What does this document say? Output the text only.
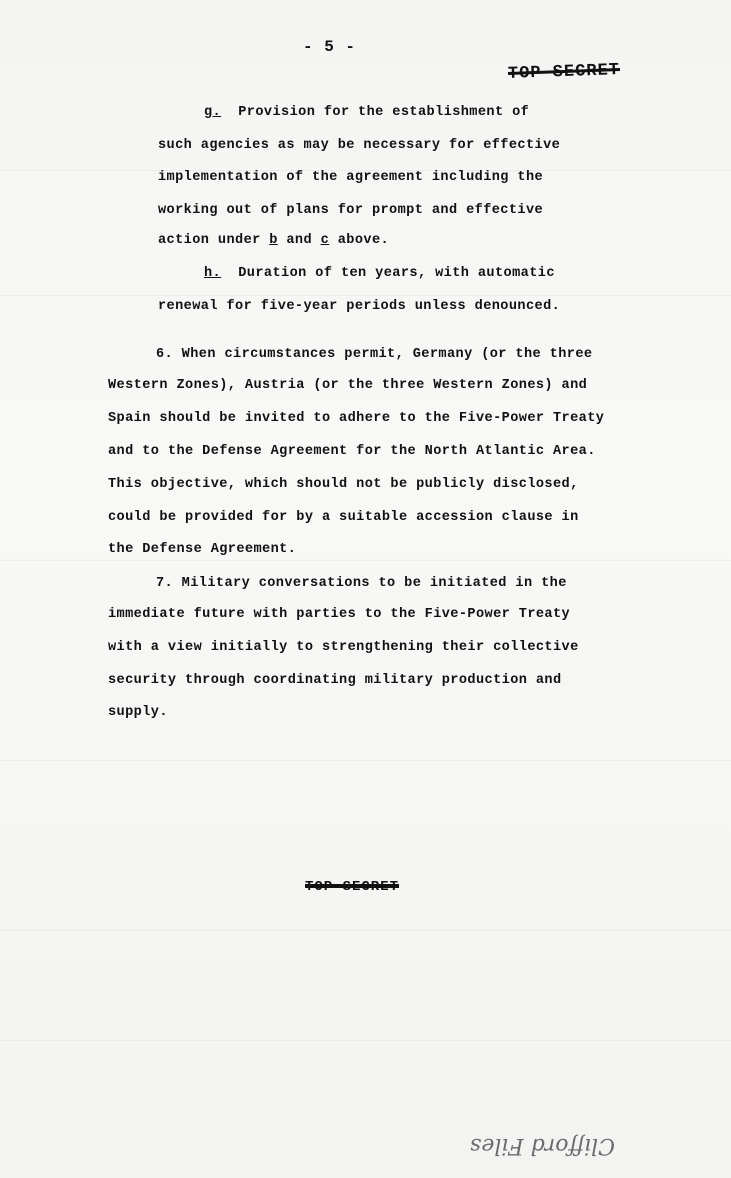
- 5 -
TOP SECRET
g. Provision for the establishment of
such agencies as may be necessary for effective
implementation of the agreement including the
working out of plans for prompt and effective
action under b and c above.
h. Duration of ten years, with automatic
renewal for five-year periods unless denounced.
6. When circumstances permit, Germany (or the three
Western Zones), Austria (or the three Western Zones) and
Spain should be invited to adhere to the Five-Power Treaty
and to the Defense Agreement for the North Atlantic Area.
This objective, which should not be publicly disclosed,
could be provided for by a suitable accession clause in
the Defense Agreement.
7. Military conversations to be initiated in the
immediate future with parties to the Five-Power Treaty
with a view initially to strengthening their collective
security through coordinating military production and
supply.
TOP SECRET
Clifford Files
